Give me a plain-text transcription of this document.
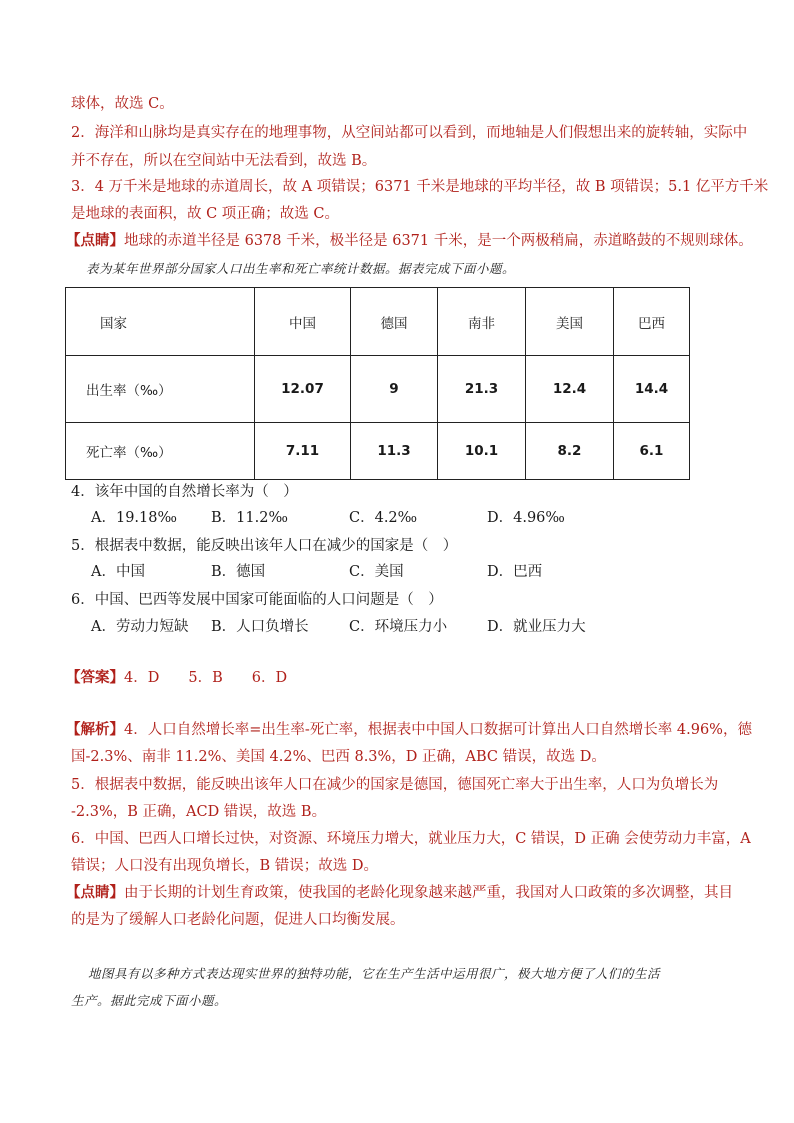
球体，故选 C。
2．海洋和山脉均是真实存在的地理事物，从空间站都可以看到，而地轴是人们假想出来的旋转轴，实际中
并不存在，所以在空间站中无法看到，故选 B。
3．4 万千米是地球的赤道周长，故 A 项错误；6371 千米是地球的平均半径，故 B 项错误；5.1 亿平方千米
是地球的表面积，故 C 项正确；故选 C。
【点睛】地球的赤道半径是 6378 千米，极半径是 6371 千米，是一个两极稍扁，赤道略鼓的不规则球体。
表为某年世界部分国家人口出生率和死亡率统计数据。据表完成下面小题。
国家	中国	德国	南非	美国	巴西
出生率（‰）	12.07	9	21.3	12.4	14.4
死亡率（‰）	7.11	11.3	10.1	8.2	6.1
4．该年中国的自然增长率为（　）
A．19.18‰ B．11.2‰	C．4.2‰	D．4.96‰
5．根据表中数据，能反映出该年人口在减少的国家是（　）
A．中国	B．德国	C．美国	D．巴西
6．中国、巴西等发展中国家可能面临的人口问题是（　）
A．劳动力短缺 B．人口负增长	C．环境压力小	D．就业压力大
【答案】4．D　　5．B　　6．D
【解析】4．人口自然增长率=出生率-死亡率，根据表中中国人口数据可计算出人口自然增长率 4.96%，德
国-2.3%、南非 11.2%、美国 4.2%、巴西 8.3%，D 正确，ABC 错误，故选 D。
5．根据表中数据，能反映出该年人口在减少的国家是德国，德国死亡率大于出生率，人口为负增长为
-2.3%，B 正确，ACD 错误，故选 B。
6．中国、巴西人口增长过快，对资源、环境压力增大，就业压力大，C 错误，D 正确 会使劳动力丰富，A
错误；人口没有出现负增长，B 错误；故选 D。
【点睛】由于长期的计划生育政策，使我国的老龄化现象越来越严重，我国对人口政策的多次调整，其目
的是为了缓解人口老龄化问题，促进人口均衡发展。
地图具有以多种方式表达现实世界的独特功能，它在生产生活中运用很广，极大地方便了人们的生活
生产。据此完成下面小题。
